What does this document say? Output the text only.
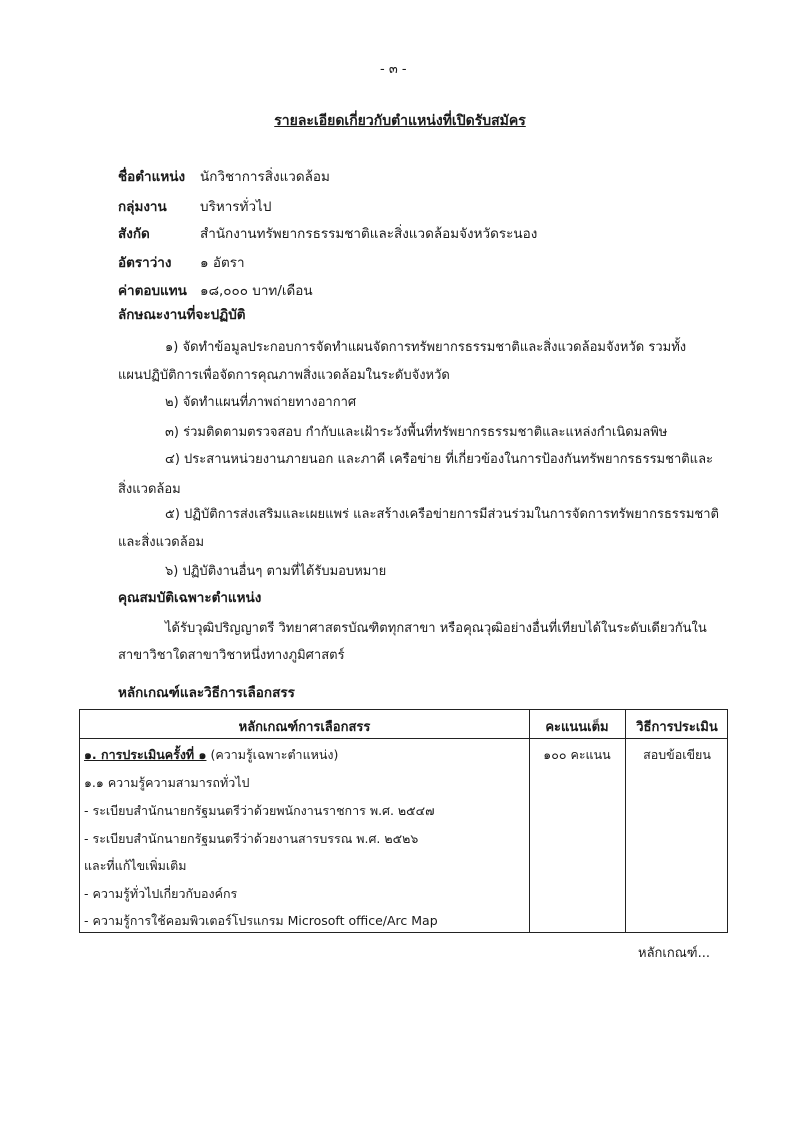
- ๓ -
รายละเอียดเกี่ยวกับตำแหน่งที่เปิดรับสมัคร
ชื่อตำแหน่ง นักวิชาการสิ่งแวดล้อม
กลุ่มงาน บริหารทั่วไป
สังกัด	สำนักงานทรัพยากรธรรมชาติและสิ่งแวดล้อมจังหวัดระนอง
อัตราว่าง ๑ อัตรา
ค่าตอบแทน ๑๘,๐๐๐ บาท/เดือน
ลักษณะงานที่จะปฏิบัติ
๑) จัดทำข้อมูลประกอบการจัดทำแผนจัดการทรัพยากรธรรมชาติและสิ่งแวดล้อมจังหวัด รวมทั้ง
แผนปฏิบัติการเพื่อจัดการคุณภาพสิ่งแวดล้อมในระดับจังหวัด
๒) จัดทำแผนที่ภาพถ่ายทางอากาศ
๓) ร่วมติดตามตรวจสอบ กำกับและเฝ้าระวังพื้นที่ทรัพยากรธรรมชาติและแหล่งกำเนิดมลพิษ
๔) ประสานหน่วยงานภายนอก และภาคี เครือข่าย ที่เกี่ยวข้องในการป้องกันทรัพยากรธรรมชาติและ
สิ่งแวดล้อม
๕) ปฏิบัติการส่งเสริมและเผยแพร่ และสร้างเครือข่ายการมีส่วนร่วมในการจัดการทรัพยากรธรรมชาติ
และสิ่งแวดล้อม
๖) ปฏิบัติงานอื่นๆ ตามที่ได้รับมอบหมาย
คุณสมบัติเฉพาะตำแหน่ง
ได้รับวุฒิปริญญาตรี วิทยาศาสตรบัณฑิตทุกสาขา หรือคุณวุฒิอย่างอื่นที่เทียบได้ในระดับเดียวกันใน
สาขาวิชาใดสาขาวิชาหนึ่งทางภูมิศาสตร์
หลักเกณฑ์และวิธีการเลือกสรร
หลักเกณฑ์การเลือกสรร	คะแนนเต็ม	วิธีการประเมิน
๑. การประเมินครั้งที่ ๑ (ความรู้เฉพาะตำแหน่ง)	๑๐๐ คะแนน	สอบข้อเขียน
๑.๑ ความรู้ความสามารถทั่วไป
- ระเบียบสำนักนายกรัฐมนตรีว่าด้วยพนักงานราชการ พ.ศ. ๒๕๔๗
- ระเบียบสำนักนายกรัฐมนตรีว่าด้วยงานสารบรรณ พ.ศ. ๒๕๒๖
และที่แก้ไขเพิ่มเติม
- ความรู้ทั่วไปเกี่ยวกับองค์กร
- ความรู้การใช้คอมพิวเตอร์โปรแกรม Microsoft office/Arc Map
หลักเกณฑ์...
